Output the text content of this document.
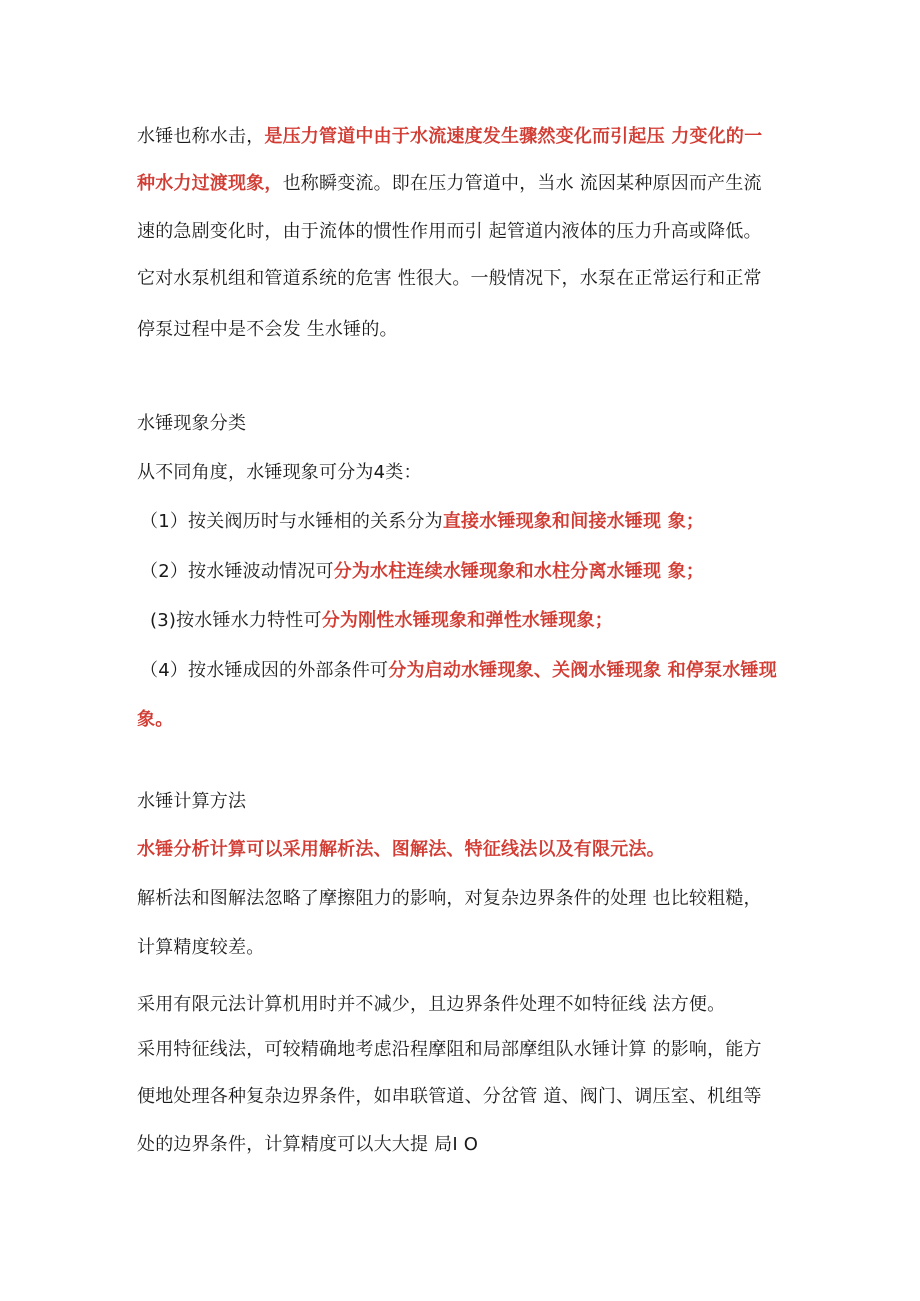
水锤也称水击，是压力管道中由于水流速度发生骤然变化而引起压 力变化的一
种水力过渡现象，也称瞬变流。即在压力管道中，当水 流因某种原因而产生流
速的急剧变化时，由于流体的惯性作用而引 起管道内液体的压力升高或降低。
它对水泵机组和管道系统的危害 性很大。一般情况下，水泵在正常运行和正常
停泵过程中是不会发 生水锤的。
水锤现象分类
从不同角度，水锤现象可分为4类：
（1）按关阀历时与水锤相的关系分为直接水锤现象和间接水锤现 象；
（2）按水锤波动情况可分为水柱连续水锤现象和水柱分离水锤现 象；
(3)按水锤水力特性可分为刚性水锤现象和弹性水锤现象；
（4）按水锤成因的外部条件可分为启动水锤现象、关阀水锤现象 和停泵水锤现
象。
水锤计算方法
水锤分析计算可以采用解析法、图解法、特征线法以及有限元法。
解析法和图解法忽略了摩擦阻力的影响，对复杂边界条件的处理 也比较粗糙，
计算精度较差。
采用有限元法计算机用时并不减少，且边界条件处理不如特征线 法方便。
采用特征线法，可较精确地考虑沿程摩阻和局部摩组队水锤计算 的影响，能方
便地处理各种复杂边界条件，如串联管道、分岔管 道、阀门、调压室、机组等
处的边界条件，计算精度可以大大提 局I O
